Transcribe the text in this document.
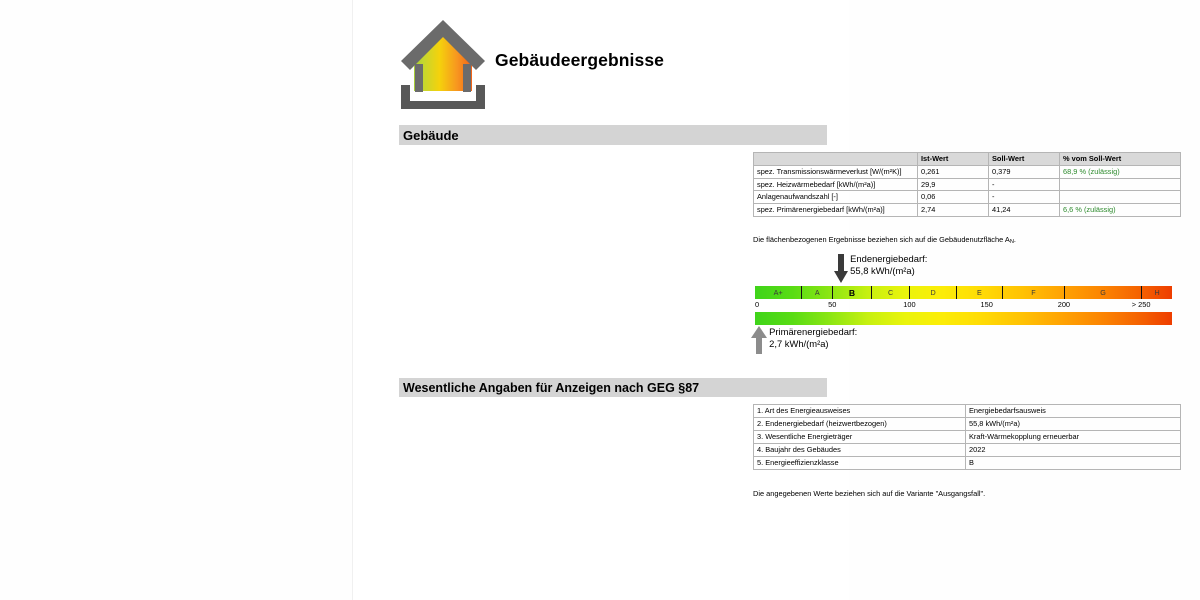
Gebäudeergebnisse
Gebäude
	Ist-Wert	Soll-Wert	% vom Soll-Wert
spez. Transmissionswärmeverlust [W/(m²K)]	0,261	0,379	68,9 % (zulässig)
spez. Heizwärmebedarf [kWh/(m²a)]	29,9	-	
Anlagenaufwandszahl [-]	0,06	-	
spez. Primärenergiebedarf [kWh/(m²a)]	2,74	41,24	6,6 % (zulässig)
Die flächenbezogenen Ergebnisse beziehen sich auf die Gebäudenutzfläche $A_N$.
Endenergiebedarf:
55,8 kWh/(m²a)
A+	A	B	C	D	E	F	G	H
0	50	100	150	200	> 250
Primärenergiebedarf:
2,7 kWh/(m²a)
Wesentliche Angaben für Anzeigen nach GEG §87
1. Art des Energieausweises	Energiebedarfsausweis
2. Endenergiebedarf (heizwertbezogen)	55,8 kWh/(m²a)
3. Wesentliche Energieträger	Kraft-Wärmekopplung erneuerbar
4. Baujahr des Gebäudes	2022
5. Energieeffizienzklasse	B
Die angegebenen Werte beziehen sich auf die Variante "Ausgangsfall".
